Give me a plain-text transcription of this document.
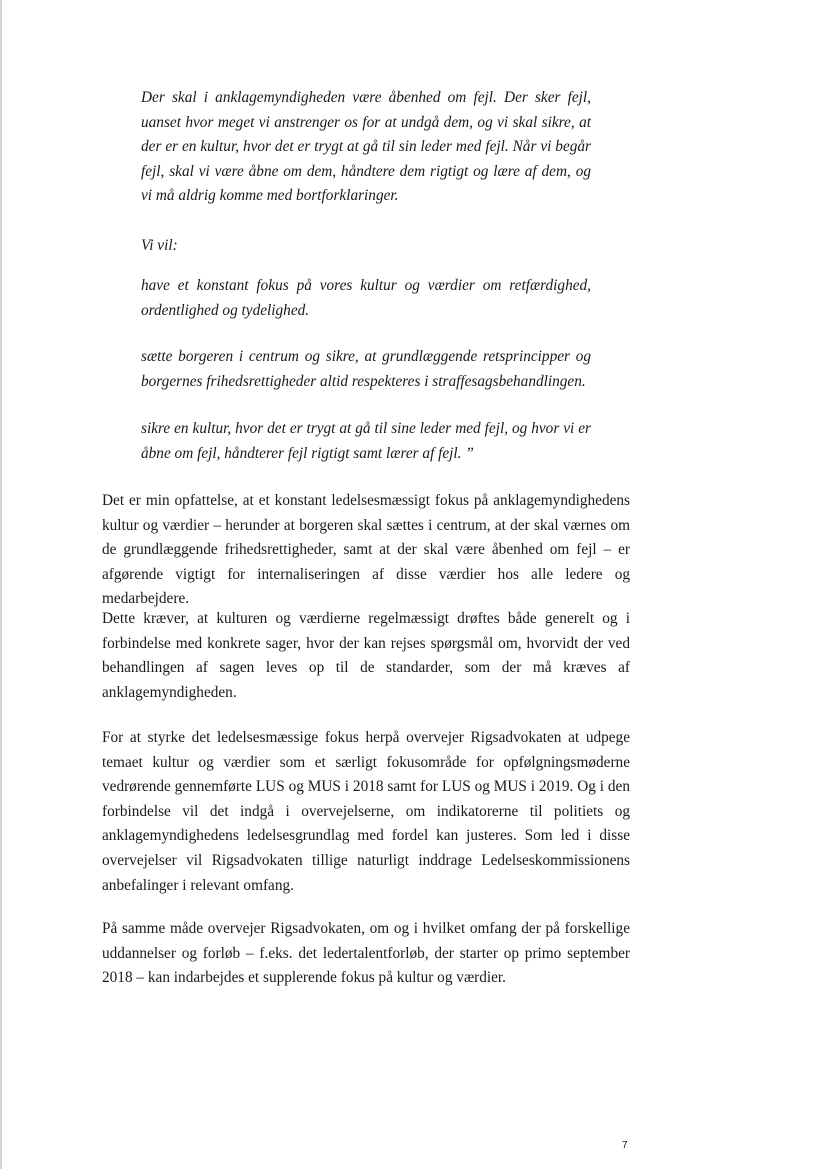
Der skal i anklagemyndigheden være åbenhed om fejl. Der sker fejl, uanset hvor meget vi anstrenger os for at undgå dem, og vi skal sikre, at der er en kultur, hvor det er trygt at gå til sin leder med fejl. Når vi begår fejl, skal vi være åbne om dem, håndtere dem rigtigt og lære af dem, og vi må aldrig komme med bortforklaringer.

Vi vil:

have et konstant fokus på vores kultur og værdier om retfærdighed, ordentlighed og tydelighed.

sætte borgeren i centrum og sikre, at grundlæggende retsprincipper og borgernes frihedsrettigheder altid respekteres i straffesagsbehandlingen.

sikre en kultur, hvor det er trygt at gå til sine leder med fejl, og hvor vi er åbne om fejl, håndterer fejl rigtigt samt lærer af fejl. ”

Det er min opfattelse, at et konstant ledelsesmæssigt fokus på anklagemyndighedens kultur og værdier – herunder at borgeren skal sættes i centrum, at der skal værnes om de grundlæggende frihedsrettigheder, samt at der skal være åbenhed om fejl – er afgørende vigtigt for internaliseringen af disse værdier hos alle ledere og medarbejdere.

Dette kræver, at kulturen og værdierne regelmæssigt drøftes både generelt og i forbindelse med konkrete sager, hvor der kan rejses spørgsmål om, hvorvidt der ved behandlingen af sagen leves op til de standarder, som der må kræves af anklagemyndigheden.

For at styrke det ledelsesmæssige fokus herpå overvejer Rigsadvokaten at udpege temaet kultur og værdier som et særligt fokusområde for opfølgningsmøderne vedrørende gennemførte LUS og MUS i 2018 samt for LUS og MUS i 2019. Og i den forbindelse vil det indgå i overvejelserne, om indikatorerne til politiets og anklagemyndighedens ledelsesgrundlag med fordel kan justeres. Som led i disse overvejelser vil Rigsadvokaten tillige naturligt inddrage Ledelseskommissionens anbefalinger i relevant omfang.

På samme måde overvejer Rigsadvokaten, om og i hvilket omfang der på forskellige uddannelser og forløb – f.eks. det ledertalentforløb, der starter op primo september 2018 – kan indarbejdes et supplerende fokus på kultur og værdier.

7
